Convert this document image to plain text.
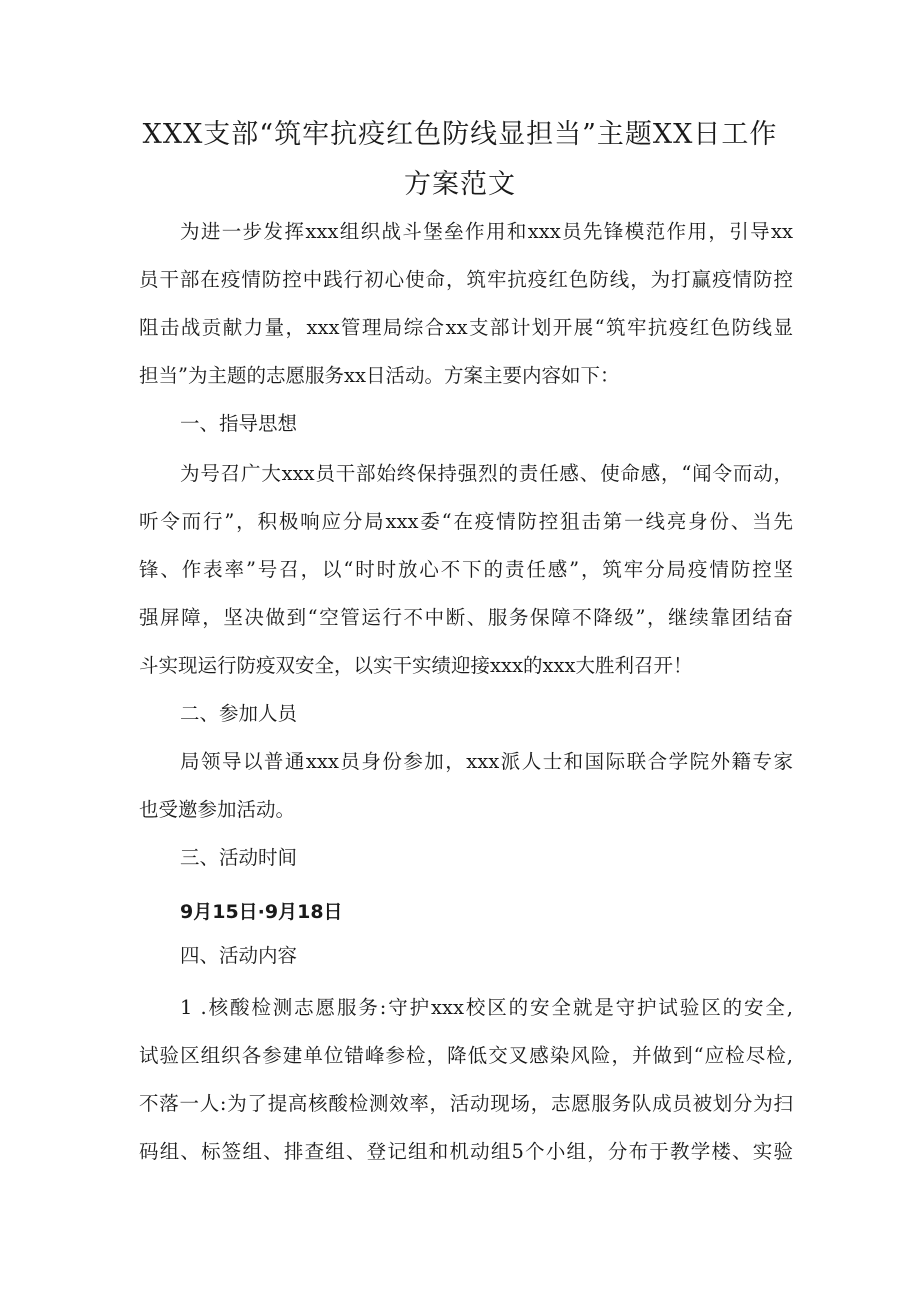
XXX支部“筑牢抗疫红色防线显担当”主题XX日工作
方案范文
为进一步发挥xxx组织战斗堡垒作用和xxx员先锋模范作用，引导xx
员干部在疫情防控中践行初心使命，筑牢抗疫红色防线，为打赢疫情防控
阻击战贡献力量，xxx管理局综合xx支部计划开展“筑牢抗疫红色防线显
担当”为主题的志愿服务xx日活动。方案主要内容如下：
一、指导思想
为号召广大xxx员干部始终保持强烈的责任感、使命感，“闻令而动，
听令而行”，积极响应分局xxx委“在疫情防控狙击第一线亮身份、当先
锋、作表率”号召，以“时时放心不下的责任感”，筑牢分局疫情防控坚
强屏障，坚决做到“空管运行不中断、服务保障不降级”，继续靠团结奋
斗实现运行防疫双安全，以实干实绩迎接xxx的xxx大胜利召开！
二、参加人员
局领导以普通xxx员身份参加，xxx派人士和国际联合学院外籍专家
也受邀参加活动。
三、活动时间
9月15日·9月18日
四、活动内容
1 .核酸检测志愿服务:守护xxx校区的安全就是守护试验区的安全,
试验区组织各参建单位错峰参检，降低交叉感染风险，并做到“应检尽检,
不落一人:为了提高核酸检测效率，活动现场，志愿服务队成员被划分为扫
码组、标签组、排查组、登记组和机动组5个小组，分布于教学楼、实验
